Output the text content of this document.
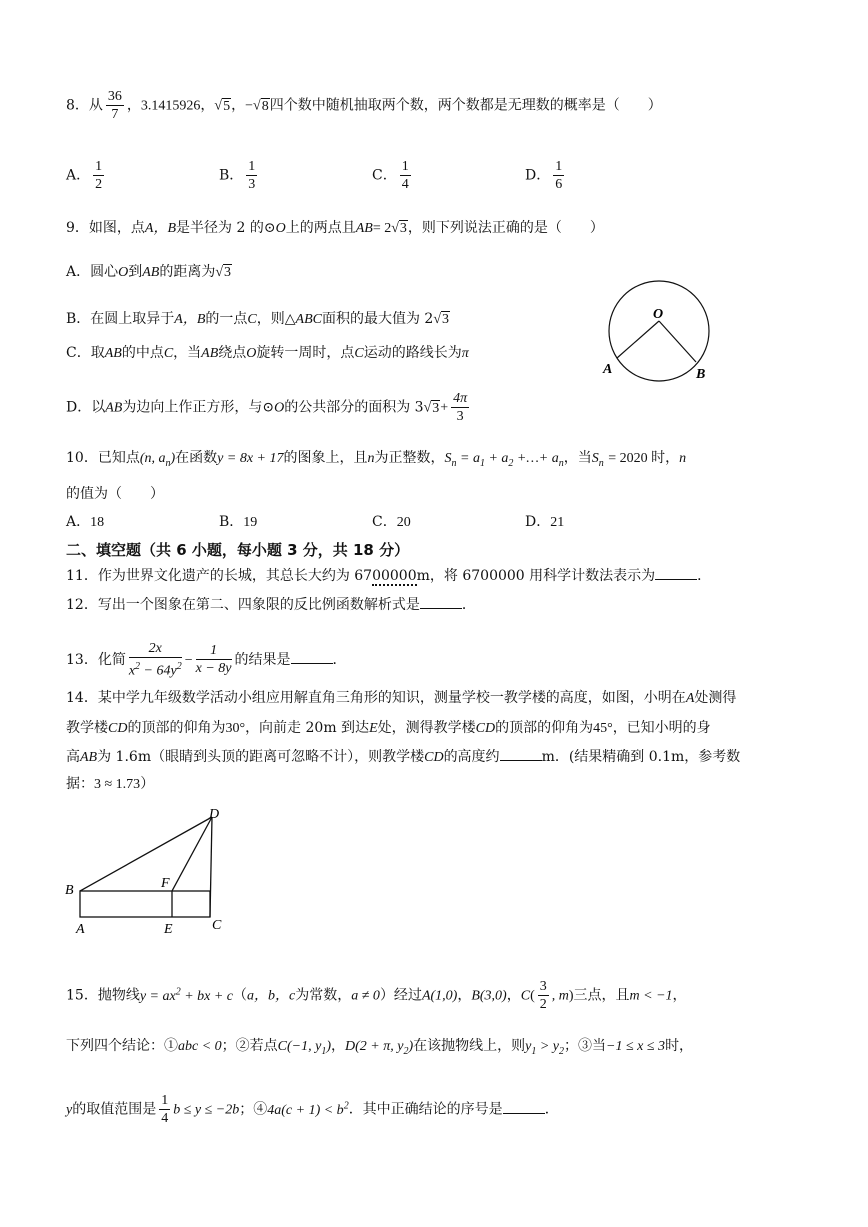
8．从 $\frac{36}{7}$ ，3.1415926，√5，−√8四个数中随机抽取两个数，两个数都是无理数的概率是（　　）
A． $\frac{1}{2}$	B． $\frac{1}{3}$	C． $\frac{1}{4}$	D． $\frac{1}{6}$
9．如图，点A，B是半径为 2 的⊙O上的两点且AB= 2√3，则下列说法正确的是（　　）
A．圆心O到AB的距离为√3
B．在圆上取异于A，B的一点C，则△ABC面积的最大值为 2√3
C．取AB的中点C，当AB绕点O旋转一周时，点C运动的路线长为π
D．以AB为边向上作正方形，与⊙O的公共部分的面积为 $3√3+ \frac{4\pi}{3}$
O
A	B
10．已知点(n, $a_n$)在函数y = 8x + 17的图象上，且n为正整数，$S_n = a_1 + a_2$ +…+ $a_n$，当$S_n = 2020$ 时，n
的值为（　　）
A．18	B．19	C．20	D．21
二、填空题（共 6 小题，每小题 3 分，共 18 分）
11．作为世界文化遗产的长城，其总长大约为 6700000m，将 6700000 用科学计数法表示为	．
12．写出一个图象在第二、四象限的反比例函数解析式是	．
13．化简 $\frac{2x}{x^2 - 64y^2} - \frac{1}{x - 8y}$ 的结果是	．
14．某中学九年级数学活动小组应用解直角三角形的知识，测量学校一教学楼的高度，如图，小明在A处测得
教学楼CD的顶部的仰角为30°，向前走 20m 到达E处，测得教学楼CD的顶部的仰角为45°，已知小明的身
高AB为 1.6m（眼睛到头顶的距离可忽略不计），则教学楼CD的高度约	m．(结果精确到 0.1m，参考数
据：3 ≈ 1.73）
D
B	F
A	E	C
15．抛物线$y = ax^2$ + bx + c（a，b，c为常数，a ≠ 0）经过A(1,0)，B(3,0)，$C( \frac{3}{2}$ , m)三点，且m < −1，
下列四个结论：①abc < 0；②若点C(−1, $y_1$)，D(2 + π, $y_2$)在该抛物线上，则$y_1 > y_2$；③当−1 ≤ x ≤ 3时，
y的取值范围是 $\frac{1}{4}$ b ≤ y ≤ −2b；④4a(c + $1) < b^2$．其中正确结论的序号是	．
